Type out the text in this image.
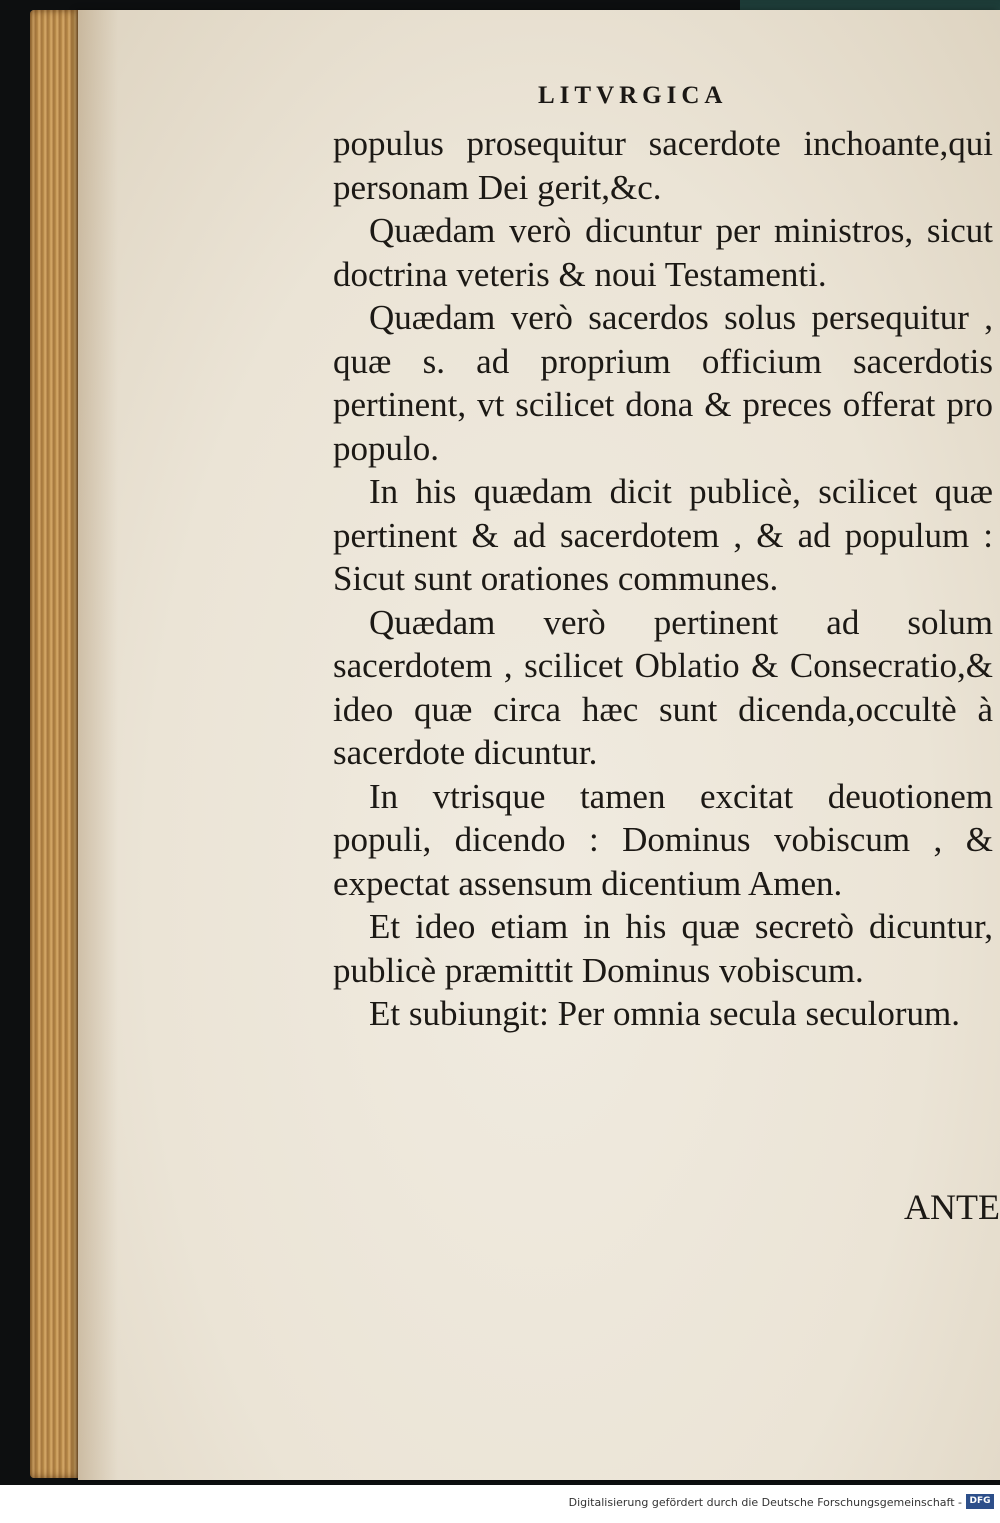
LITVRGICA

populus prosequitur sacerdote inchoante,qui personam Dei gerit,&c.

Quædam verò dicuntur per ministros, sicut doctrina veteris & noui Testamenti.

Quædam verò sacerdos solus persequitur , quæ s. ad proprium officium sacerdotis pertinent, vt scilicet dona & preces offerat pro populo.

In his quædam dicit publicè, scilicet quæ pertinent & ad sacerdotem , & ad populum : Sicut sunt orationes communes.

Quædam verò pertinent ad solum sacerdotem , scilicet Oblatio & Consecratio,& ideo quæ circa hæc sunt dicenda,occultè à sacerdote dicuntur.

In vtrisque tamen excitat deuotionem populi, dicendo : Dominus vobiscum , & expectat assensum dicentium Amen.

Et ideo etiam in his quæ secretò dicuntur, publicè præmittit Dominus vobiscum.

Et subiungit: Per omnia secula seculorum.

ANTE
Digitalisierung gefördert durch die Deutsche Forschungsgemeinschaft - DFG
